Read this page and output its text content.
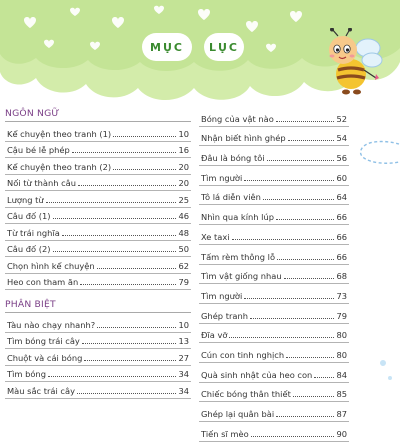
MỤC LỤC
NGÔN NGỮ
Kể chuyện theo tranh (1)	10
Cậu bé lễ phép	16
Kể chuyện theo tranh (2)	20
Nối từ thành câu	20
Lượng từ	25
Câu đố (1)	46
Từ trái nghĩa	48
Câu đố (2)	50
Chọn hình kể chuyện	62
Heo con tham ăn	79
PHÂN BIỆT
Tàu nào chạy nhanh?	10
Tìm bóng trái cây	13
Chuột và cái bóng	27
Tìm bóng	34
Màu sắc trái cây	34
Bóng của vật nào	52
Nhận biết hình ghép	54
Đâu là bóng tôi	56
Tìm người	60
Tô lá diễn viên	64
Nhìn qua kính lúp	66
Xe taxi	66
Tấm rèm thông lỗ	66
Tìm vật giống nhau	68
Tìm người	73
Ghép tranh	79
Đĩa vỡ	80
Cún con tinh nghịch	80
Quà sinh nhật của heo con	84
Chiếc bóng thân thiết	85
Ghép lại quân bài	87
Tiến sĩ mèo	90
